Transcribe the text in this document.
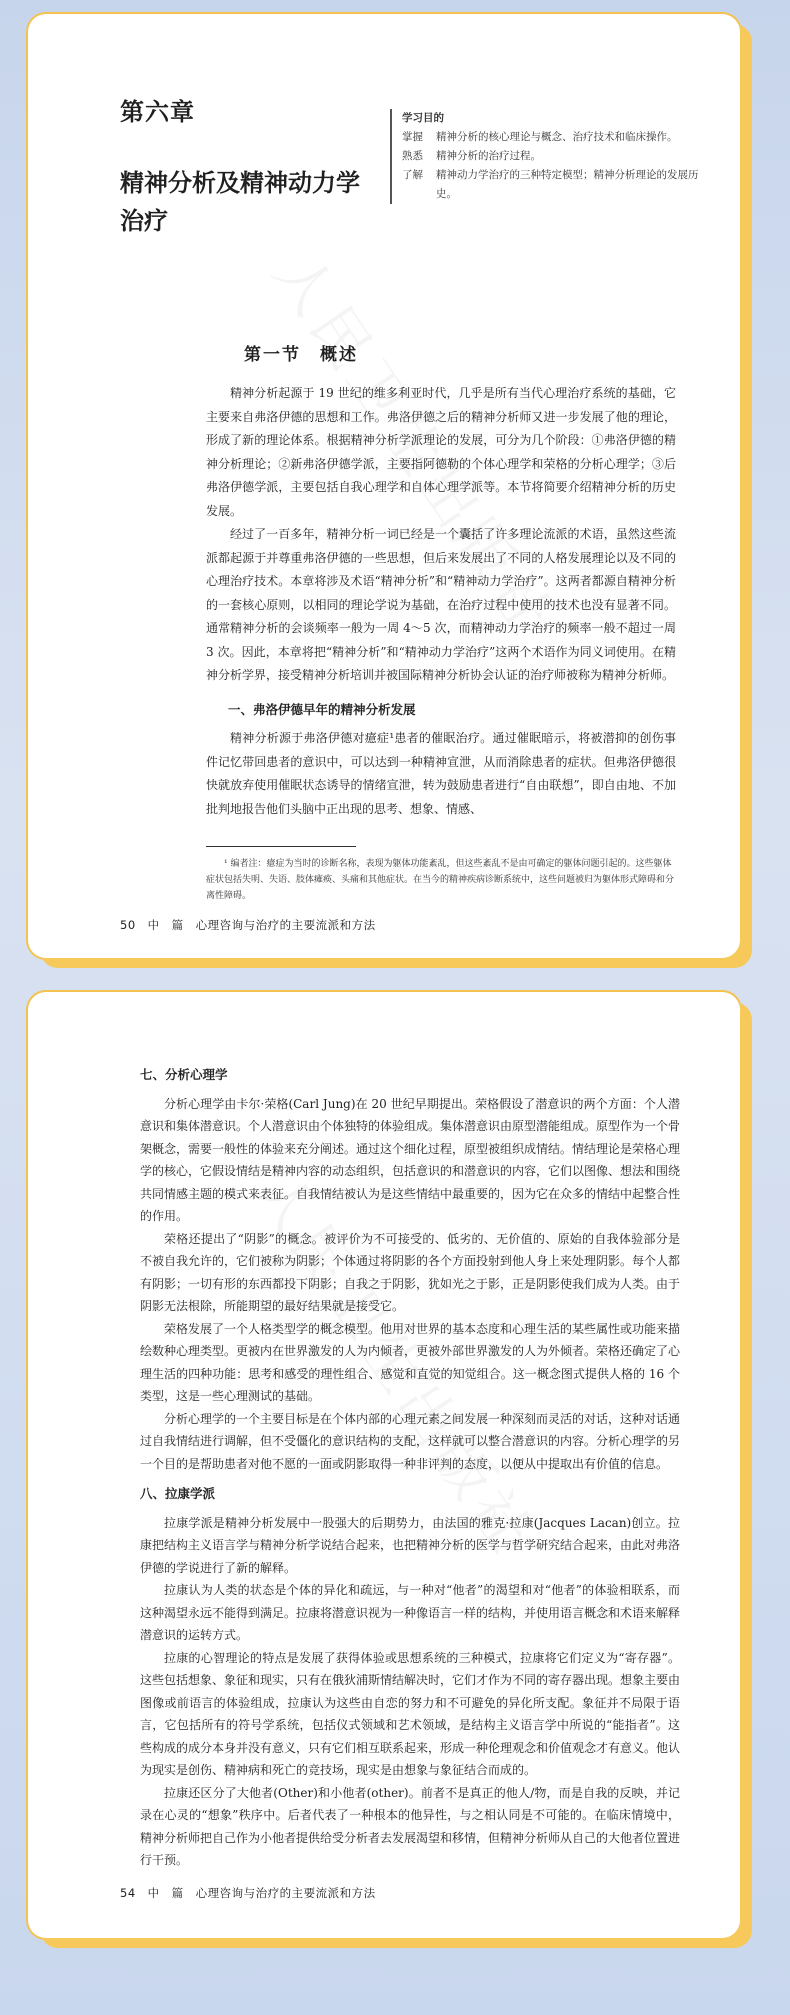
第六章
精神分析及精神动力学治疗
学习目的
掌握	精神分析的核心理论与概念、治疗技术和临床操作。
熟悉	精神分析的治疗过程。
了解	精神动力学治疗的三种特定模型；精神分析理论的发展历史。
第一节　概述

精神分析起源于 19 世纪的维多利亚时代，几乎是所有当代心理治疗系统的基础，它主要来自弗洛伊德的思想和工作。弗洛伊德之后的精神分析师又进一步发展了他的理论，形成了新的理论体系。根据精神分析学派理论的发展，可分为几个阶段：①弗洛伊德的精神分析理论；②新弗洛伊德学派，主要指阿德勒的个体心理学和荣格的分析心理学；③后弗洛伊德学派，主要包括自我心理学和自体心理学派等。本节将简要介绍精神分析的历史发展。

经过了一百多年，精神分析一词已经是一个囊括了许多理论流派的术语，虽然这些流派都起源于并尊重弗洛伊德的一些思想，但后来发展出了不同的人格发展理论以及不同的心理治疗技术。本章将涉及术语“精神分析”和“精神动力学治疗”。这两者都源自精神分析的一套核心原则，以相同的理论学说为基础，在治疗过程中使用的技术也没有显著不同。通常精神分析的会谈频率一般为一周 4～5 次，而精神动力学治疗的频率一般不超过一周 3 次。因此，本章将把“精神分析”和“精神动力学治疗”这两个术语作为同义词使用。在精神分析学界，接受精神分析培训并被国际精神分析协会认证的治疗师被称为精神分析师。

一、弗洛伊德早年的精神分析发展

精神分析源于弗洛伊德对癔症¹患者的催眠治疗。通过催眠暗示，将被潜抑的创伤事件记忆带回患者的意识中，可以达到一种精神宣泄，从而消除患者的症状。但弗洛伊德很快就放弃使用催眠状态诱导的情绪宣泄，转为鼓励患者进行“自由联想”，即自由地、不加批判地报告他们头脑中正出现的思考、想象、情感、

¹ 编者注：癔症为当时的诊断名称，表现为躯体功能紊乱，但这些紊乱不是由可确定的躯体问题引起的。这些躯体症状包括失明、失语、肢体瘫痪、头痛和其他症状。在当今的精神疾病诊断系统中，这些问题被归为躯体形式障碍和分离性障碍。
50　中　篇　心理咨询与治疗的主要流派和方法

七、分析心理学

分析心理学由卡尔·荣格(Carl Jung)在 20 世纪早期提出。荣格假设了潜意识的两个方面：个人潜意识和集体潜意识。个人潜意识由个体独特的体验组成。集体潜意识由原型潜能组成。原型作为一个骨架概念，需要一般性的体验来充分阐述。通过这个细化过程，原型被组织成情结。情结理论是荣格心理学的核心，它假设情结是精神内容的动态组织，包括意识的和潜意识的内容，它们以图像、想法和围绕共同情感主题的模式来表征。自我情结被认为是这些情结中最重要的，因为它在众多的情结中起整合性的作用。

荣格还提出了“阴影”的概念。被评价为不可接受的、低劣的、无价值的、原始的自我体验部分是不被自我允许的，它们被称为阴影；个体通过将阴影的各个方面投射到他人身上来处理阴影。每个人都有阴影；一切有形的东西都投下阴影；自我之于阴影，犹如光之于影，正是阴影使我们成为人类。由于阴影无法根除，所能期望的最好结果就是接受它。

荣格发展了一个人格类型学的概念模型。他用对世界的基本态度和心理生活的某些属性或功能来描绘数种心理类型。更被内在世界激发的人为内倾者，更被外部世界激发的人为外倾者。荣格还确定了心理生活的四种功能：思考和感受的理性组合、感觉和直觉的知觉组合。这一概念图式提供人格的 16 个类型，这是一些心理测试的基础。

分析心理学的一个主要目标是在个体内部的心理元素之间发展一种深刻而灵活的对话，这种对话通过自我情结进行调解，但不受僵化的意识结构的支配，这样就可以整合潜意识的内容。分析心理学的另一个目的是帮助患者对他不愿的一面或阴影取得一种非评判的态度，以便从中提取出有价值的信息。

八、拉康学派

拉康学派是精神分析发展中一股强大的后期势力，由法国的雅克·拉康(Jacques Lacan)创立。拉康把结构主义语言学与精神分析学说结合起来，也把精神分析的医学与哲学研究结合起来，由此对弗洛伊德的学说进行了新的解释。

拉康认为人类的状态是个体的异化和疏远，与一种对“他者”的渴望和对“他者”的体验相联系，而这种渴望永远不能得到满足。拉康将潜意识视为一种像语言一样的结构，并使用语言概念和术语来解释潜意识的运转方式。

拉康的心智理论的特点是发展了获得体验或思想系统的三种模式，拉康将它们定义为“寄存器”。这些包括想象、象征和现实，只有在俄狄浦斯情结解决时，它们才作为不同的寄存器出现。想象主要由图像或前语言的体验组成，拉康认为这些由自恋的努力和不可避免的异化所支配。象征并不局限于语言，它包括所有的符号学系统，包括仪式领域和艺术领域，是结构主义语言学中所说的“能指者”。这些构成的成分本身并没有意义，只有它们相互联系起来，形成一种伦理观念和价值观念才有意义。他认为现实是创伤、精神病和死亡的竞技场，现实是由想象与象征结合而成的。

拉康还区分了大他者(Other)和小他者(other)。前者不是真正的他人/物，而是自我的反映，并记录在心灵的“想象”秩序中。后者代表了一种根本的他异性，与之相认同是不可能的。在临床情境中，精神分析师把自己作为小他者提供给受分析者去发展渴望和移情，但精神分析师从自己的大他者位置进行干预。

54　中　篇　心理咨询与治疗的主要流派和方法
